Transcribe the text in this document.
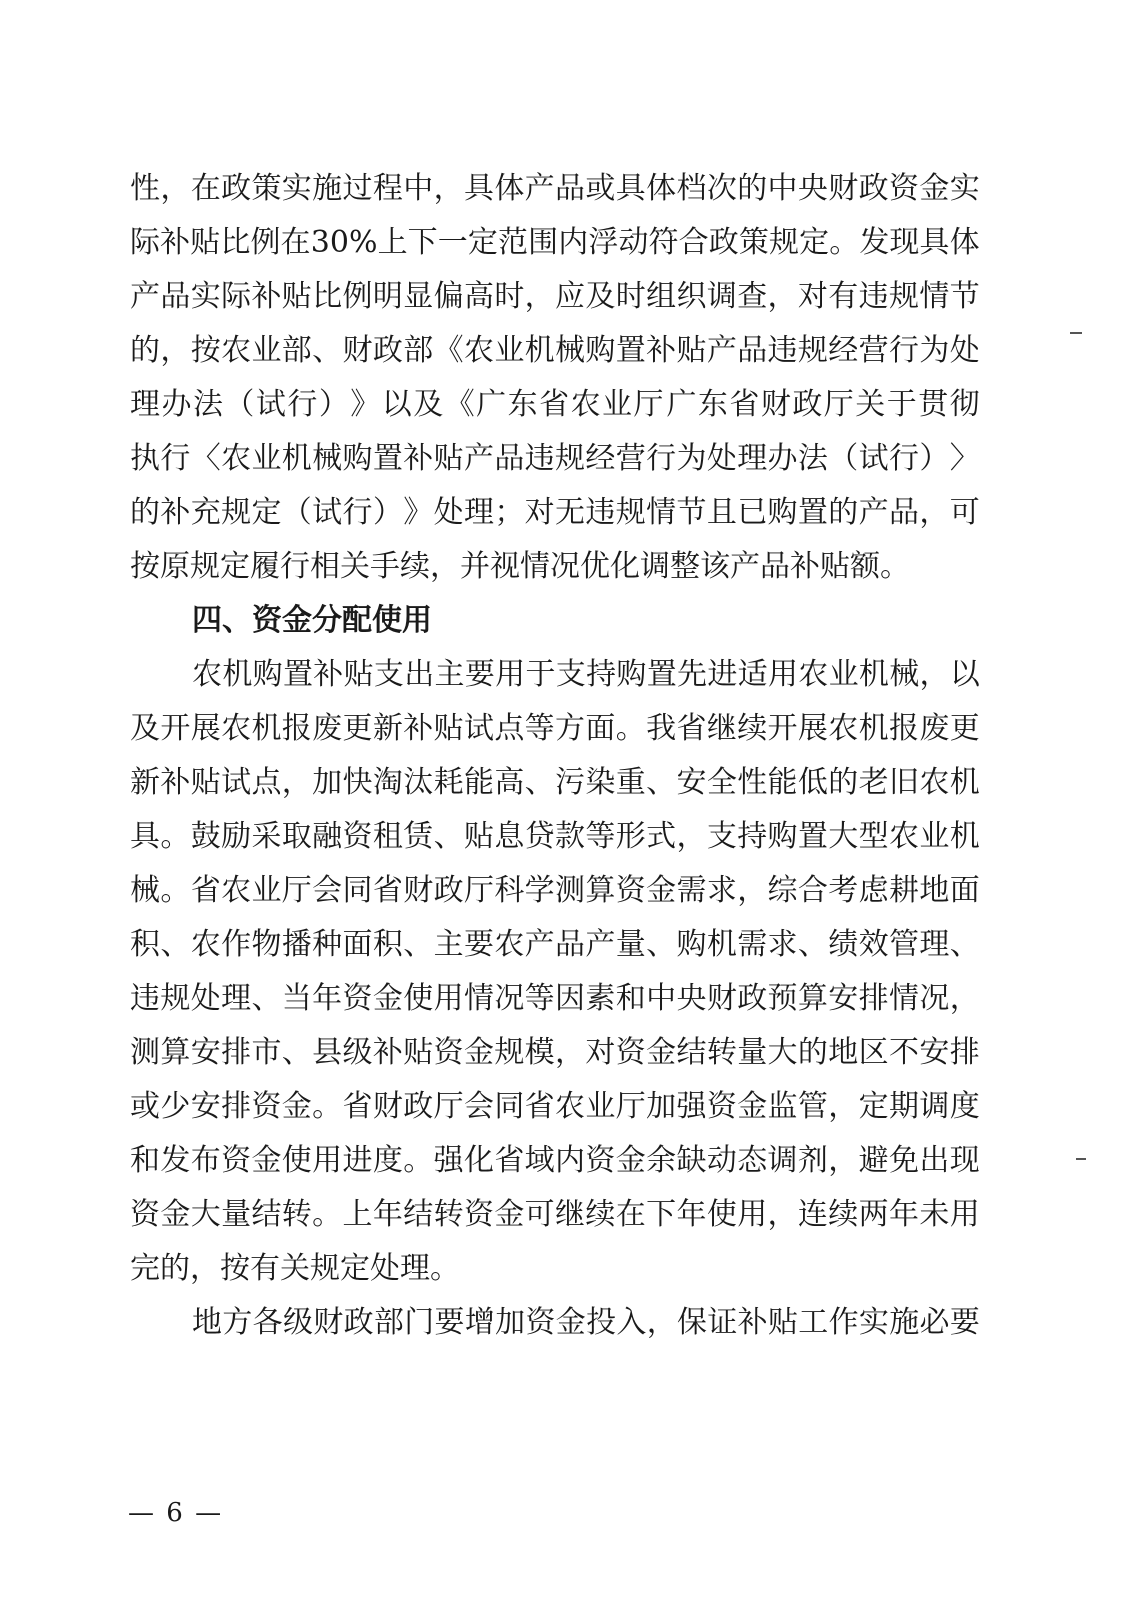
性 ， 在 政 策 实 施 过 程 中 ， 具 体 产 品 或 具 体 档 次 的 中 央 财 政 资 金 实
际 补 贴 比 例 在 30% 上 下 一 定 范 围 内 浮 动 符 合 政 策 规 定 。 发 现 具 体
产 品 实 际 补 贴 比 例 明 显 偏 高 时 ， 应 及 时 组 织 调 查 ， 对 有 违 规 情 节
的 ， 按 农 业 部 、 财 政 部 《 农 业 机 械 购 置 补 贴 产 品 违 规 经 营 行 为 处
理 办 法 （ 试 行 ） 》 以 及 《 广 东 省 农 业 厅 广 东 省 财 政 厅 关 于 贯 彻
执 行 〈 农 业 机 械 购 置 补 贴 产 品 违 规 经 营 行 为 处 理 办 法 （ 试 行 ） 〉
的 补 充 规 定 （ 试 行 ） 》 处 理 ； 对 无 违 规 情 节 且 已 购 置 的 产 品 ， 可
按原规定履行相关手续，并视情况优化调整该产品补贴额。
四、资金分配使用
农 机 购 置 补 贴 支 出 主 要 用 于 支 持 购 置 先 进 适 用 农 业 机 械 ， 以
及 开 展 农 机 报 废 更 新 补 贴 试 点 等 方 面 。 我 省 继 续 开 展 农 机 报 废 更
新 补 贴 试 点 ， 加 快 淘 汰 耗 能 高 、 污 染 重 、 安 全 性 能 低 的 老 旧 农 机
具 。 鼓 励 采 取 融 资 租 赁 、 贴 息 贷 款 等 形 式 ， 支 持 购 置 大 型 农 业 机
械 。 省 农 业 厅 会 同 省 财 政 厅 科 学 测 算 资 金 需 求 ， 综 合 考 虑 耕 地 面
积 、 农 作 物 播 种 面 积 、 主 要 农 产 品 产 量 、 购 机 需 求 、 绩 效 管 理 、
违 规 处 理 、 当 年 资 金 使 用 情 况 等 因 素 和 中 央 财 政 预 算 安 排 情 况 ，
测 算 安 排 市 、 县 级 补 贴 资 金 规 模 ， 对 资 金 结 转 量 大 的 地 区 不 安 排
或 少 安 排 资 金 。 省 财 政 厅 会 同 省 农 业 厅 加 强 资 金 监 管 ， 定 期 调 度
和 发 布 资 金 使 用 进 度 。 强 化 省 域 内 资 金 余 缺 动 态 调 剂 ， 避 免 出 现
资 金 大 量 结 转 。 上 年 结 转 资 金 可 继 续 在 下 年 使 用 ， 连 续 两 年 未 用
完的，按有关规定处理。
地 方 各 级 财 政 部 门 要 增 加 资 金 投 入 ， 保 证 补 贴 工 作 实 施 必 要
— 6 —
